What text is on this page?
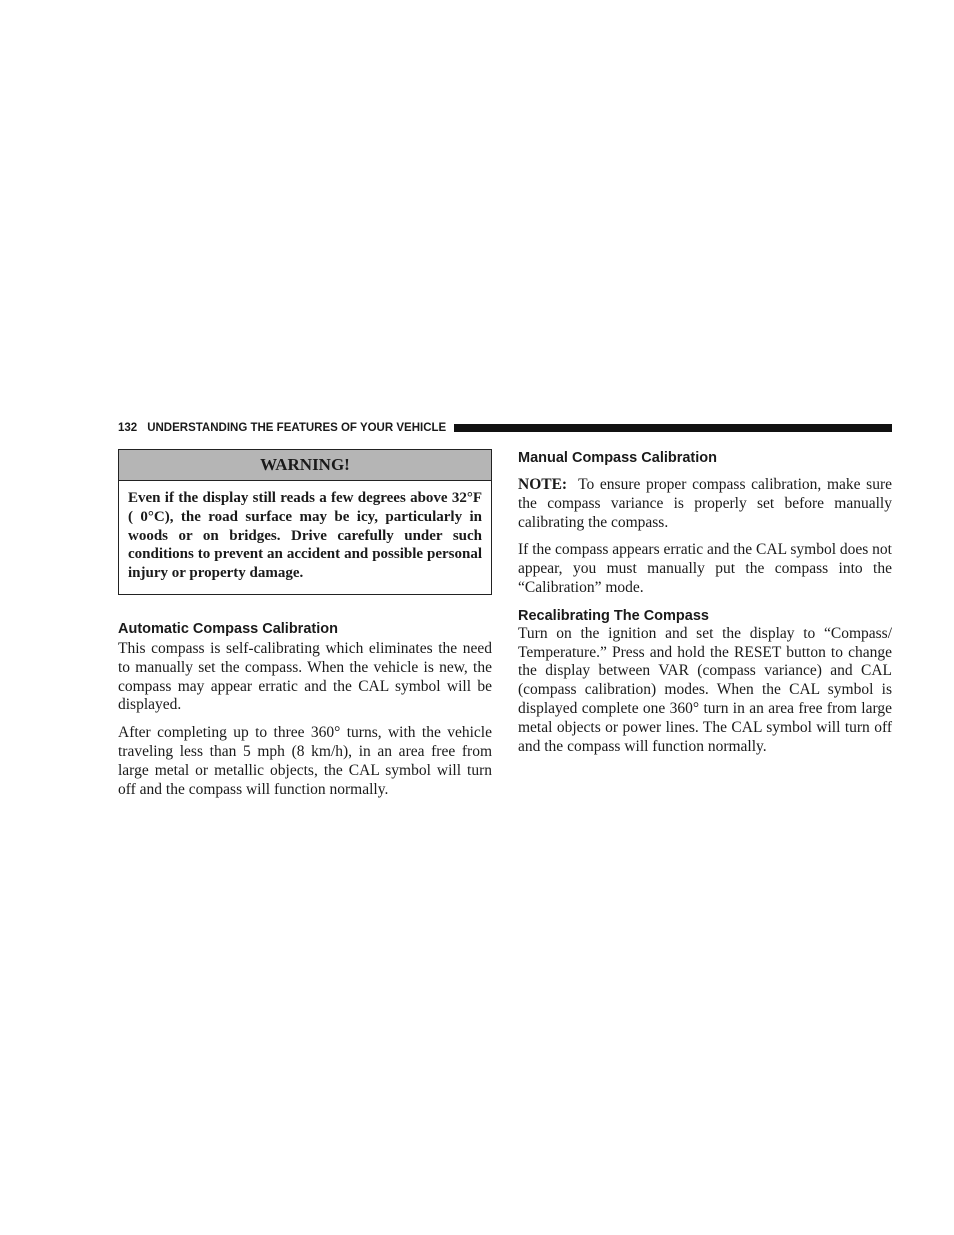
132 UNDERSTANDING THE FEATURES OF YOUR VEHICLE
WARNING!
Even if the display still reads a few degrees above 32°F ( 0°C), the road surface may be icy, particularly in woods or on bridges. Drive carefully under such conditions to prevent an accident and possible personal injury or property damage.
Automatic Compass Calibration

This compass is self-calibrating which eliminates the need to manually set the compass. When the vehicle is new, the compass may appear erratic and the CAL symbol will be displayed.

After completing up to three 360° turns, with the vehicle traveling less than 5 mph (8 km/h), in an area free from large metal or metallic objects, the CAL symbol will turn off and the compass will function normally.

Manual Compass Calibration

NOTE: To ensure proper compass calibration, make sure the compass variance is properly set before manually calibrating the compass.

If the compass appears erratic and the CAL symbol does not appear, you must manually put the compass into the “Calibration” mode.

Recalibrating The Compass

Turn on the ignition and set the display to “Compass/ Temperature.” Press and hold the RESET button to change the display between VAR (compass variance) and CAL (compass calibration) modes. When the CAL symbol is displayed complete one 360° turn in an area free from large metal objects or power lines. The CAL symbol will turn off and the compass will function normally.
